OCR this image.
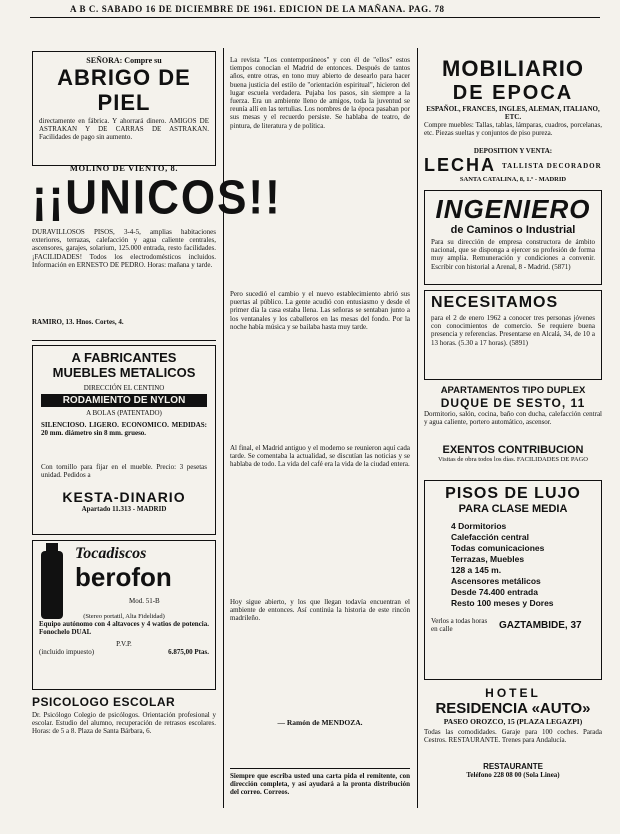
A B C. SABADO 16 DE DICIEMBRE DE 1961. EDICION DE LA MAÑANA. PAG. 78
SEÑORA: Compre su
ABRIGO DE PIEL
directamente en fábrica. Y ahorrará dinero. AMIGOS DE ASTRAKAN Y DE CARRAS DE ASTRAKAN. Facilidades de pago sin aumento.
MOLINO DE VIENTO, 8.
¡¡UNICOS!!
DURAVILLOSOS PISOS, 3-4-5, amplias habitaciones exteriores, terrazas, calefacción y agua caliente centrales, ascensores, garajes, solarium, 125.000 entrada, resto facilidades. ¡FACILIDADES! Todos los electrodomésticos incluidos. Información en ERNESTO DE PEDRO. Horas: mañana y tarde.
RAMIRO, 13. Hnos. Cortes, 4.
A FABRICANTES
MUEBLES METALICOS
DIRECCIÓN EL CENTINO
RODAMIENTO DE NYLON
A BOLAS (PATENTADO)
SILENCIOSO. LIGERO. ECONOMICO. MEDIDAS: 20 mm. diámetro sin 8 mm. grueso.
Con tornillo para fijar en el mueble. Precio: 3 pesetas unidad. Pedidos a
KESTA-DINARIO
Apartado 11.313 - MADRID
Tocadiscos
berofon
Mod. 51-B
(Stereo portatil, Alta Fidelidad)
Equipo autónomo con 4 altavoces y 4 watios de potencia. Fonochelo DUAL
P.V.P.
(incluido impuesto)	6.875,00 Ptas.
PSICOLOGO ESCOLAR
Dr. Psicólogo Colegio de psicólogos. Orientación profesional y escolar. Estudio del alumno, recuperación de retrasos escolares. Horas: de 5 a 8. Plaza de Santa Bárbara, 6.
La revista "Los contemporáneos" y con él de "ellos" estos tiempos conocían el Madrid de entonces. Después de tantos años, entre otras, en tono muy abierto de desearlo para hacer buena justicia del estilo de "orientación espiritual", hicieron del lugar escuela verdadera. Pujaba los pasos, sin siempre a la fuerza. Era un ambiente lleno de amigos, toda la juventud se reunía allí en las tertulias. Los nombres de la época pasaban por sus mesas y el recuerdo persiste. Se hablaba de teatro, de pintura, de literatura y de política.
Pero sucedió el cambio y el nuevo establecimiento abrió sus puertas al público. La gente acudió con entusiasmo y desde el primer día la casa estaba llena. Las señoras se sentaban junto a los ventanales y los caballeros en las mesas del fondo. Por la noche había música y se bailaba hasta muy tarde.
Al final, el Madrid antiguo y el moderno se reunieron aquí cada tarde. Se comentaba la actualidad, se discutían las noticias y se hablaba de todo. La vida del café era la vida de la ciudad entera.
Hoy sigue abierto, y los que llegan todavía encuentran el ambiente de entonces. Así continúa la historia de este rincón madrileño.
— Ramón de MENDOZA.
Siempre que escriba usted una carta pida el remitente, con dirección completa, y así ayudará a la pronta distribución del correo. Correos.
MOBILIARIO
DE EPOCA
ESPAÑOL, FRANCES, INGLES, ALEMAN, ITALIANO, ETC.
Compre muebles: Tallas, tablas, lámparas, cuadros, porcelanas, etc. Piezas sueltas y conjuntos de piso pureza.
DEPOSITION Y VENTA:
LECHA TALLISTA DECORADOR
SANTA CATALINA, 8, 1.º - MADRID
INGENIERO
de Caminos o Industrial
Para su dirección de empresa constructora de ámbito nacional, que se disponga a ejercer su profesión de forma muy amplia. Remuneración y condiciones a convenir. Escribir con historial a Arenal, 8 - Madrid. (5871)
NECESITAMOS
para el 2 de enero 1962 a conocer tres personas jóvenes con conocimientos de comercio. Se requiere buena presencia y referencias. Presentarse en Alcalá, 34, de 10 a 13 horas. (5.30 a 17 horas). (5891)
APARTAMENTOS TIPO DUPLEX
DUQUE DE SESTO, 11
Dormitorio, salón, cocina, baño con ducha, calefacción central y agua caliente, portero automático, ascensor.
EXENTOS CONTRIBUCION
Visitas de obra todos los días. FACILIDADES DE PAGO
PISOS DE LUJO
PARA CLASE MEDIA
4 Dormitorios
Calefacción central
Todas comunicaciones
Terrazas, Muebles
128 a 145 m.
Ascensores metálicos
Desde 74.400 entrada
Resto 100 meses y Dores
Verlos a todas horas en calle	GAZTAMBIDE, 37
HOTEL
RESIDENCIA «AUTO»
PASEO OROZCO, 15 (PLAZA LEGAZPI)
Todas las comodidades. Garaje para 100 coches. Parada Cestros. RESTAURANTE. Trenes para Andalucía.
RESTAURANTE
Teléfono 228 08 00 (Sola Linea)
